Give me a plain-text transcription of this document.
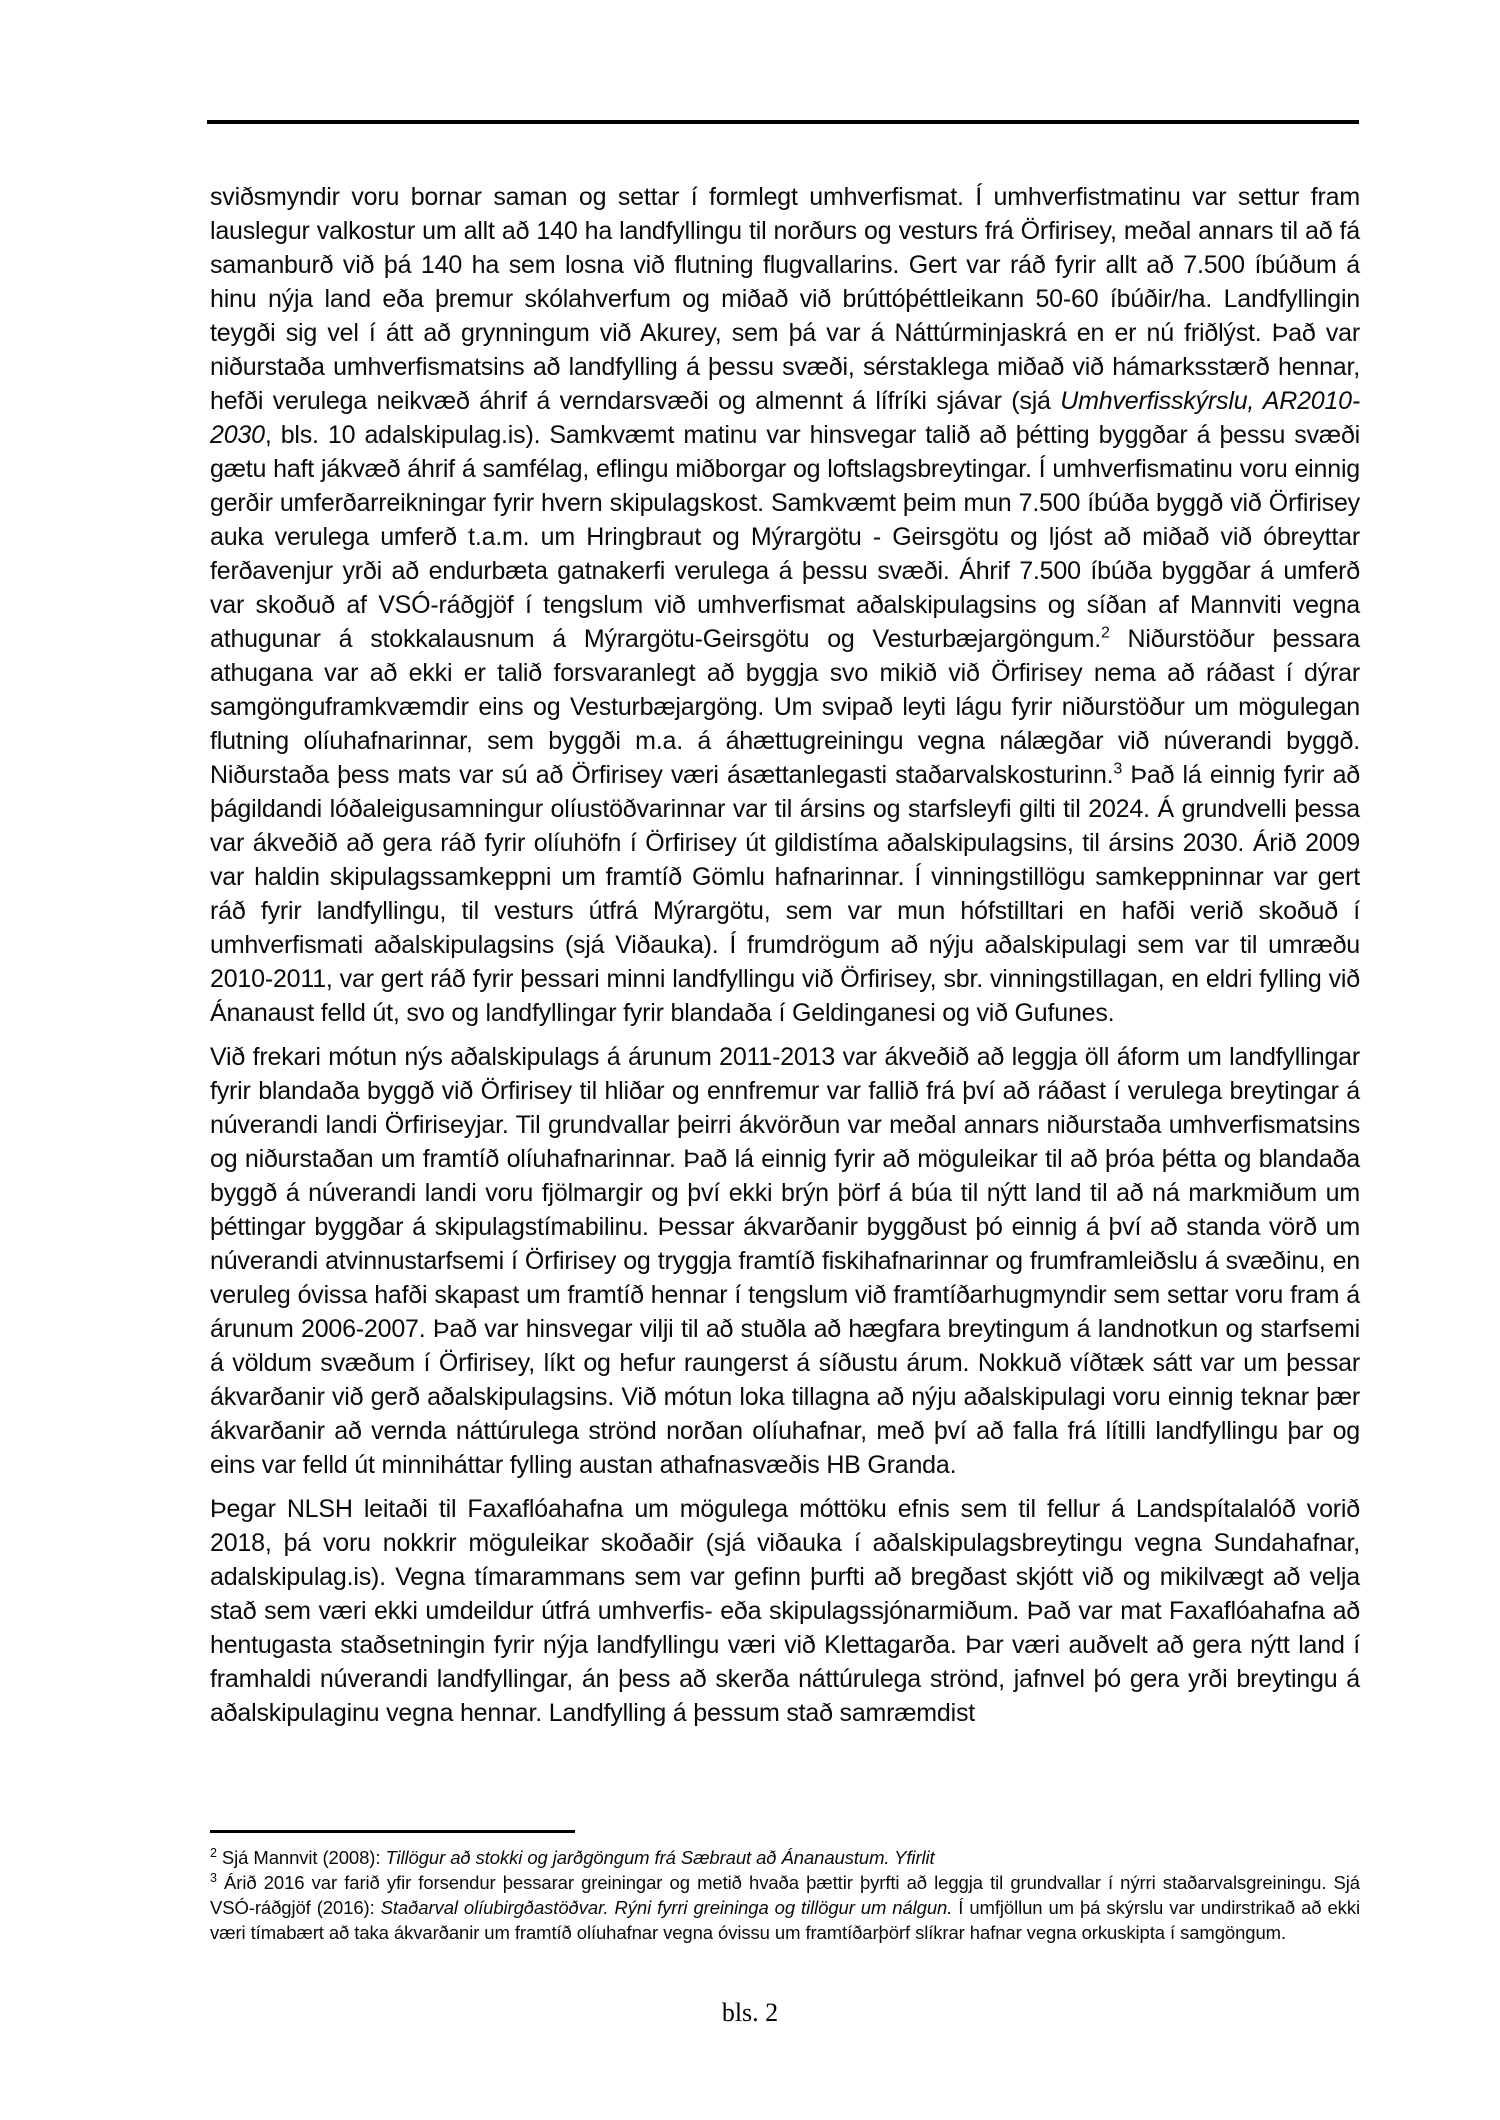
sviðsmyndir voru bornar saman og settar í formlegt umhverfismat. Í umhverfistmatinu var settur fram lauslegur valkostur um allt að 140 ha landfyllingu til norðurs og vesturs frá Örfirisey, meðal annars til að fá samanburð við þá 140 ha sem losna við flutning flugvallarins. Gert var ráð fyrir allt að 7.500 íbúðum á hinu nýja land eða þremur skólahverfum og miðað við brúttóþéttleikann 50-60 íbúðir/ha. Landfyllingin teygði sig vel í átt að grynningum við Akurey, sem þá var á Náttúrminjaskrá en er nú friðlýst. Það var niðurstaða umhverfismatsins að landfylling á þessu svæði, sérstaklega miðað við hámarksstærð hennar, hefði verulega neikvæð áhrif á verndarsvæði og almennt á lífríki sjávar (sjá Umhverfisskýrslu, AR2010-2030, bls. 10 adalskipulag.is). Samkvæmt matinu var hinsvegar talið að þétting byggðar á þessu svæði gætu haft jákvæð áhrif á samfélag, eflingu miðborgar og loftslagsbreytingar. Í umhverfismatinu voru einnig gerðir umferðarreikningar fyrir hvern skipulagskost. Samkvæmt þeim mun 7.500 íbúða byggð við Örfirisey auka verulega umferð t.a.m. um Hringbraut og Mýrargötu - Geirsgötu og ljóst að miðað við óbreyttar ferðavenjur yrði að endurbæta gatnakerfi verulega á þessu svæði. Áhrif 7.500 íbúða byggðar á umferð var skoðuð af VSÓ-ráðgjöf í tengslum við umhverfismat aðalskipulagsins og síðan af Mannviti vegna athugunar á stokkalausnum á Mýrargötu-Geirsgötu og Vesturbæjargöngum.$^2$ Niðurstöður þessara athugana var að ekki er talið forsvaranlegt að byggja svo mikið við Örfirisey nema að ráðast í dýrar samgönguframkvæmdir eins og Vesturbæjargöng. Um svipað leyti lágu fyrir niðurstöður um mögulegan flutning olíuhafnarinnar, sem byggði m.a. á áhættugreiningu vegna nálægðar við núverandi byggð. Niðurstaða þess mats var sú að Örfirisey væri ásættanlegasti staðarvalskosturinn.$^3$ Það lá einnig fyrir að þágildandi lóðaleigusamningur olíustöðvarinnar var til ársins og starfsleyfi gilti til 2024. Á grundvelli þessa var ákveðið að gera ráð fyrir olíuhöfn í Örfirisey út gildistíma aðalskipulagsins, til ársins 2030. Árið 2009 var haldin skipulagssamkeppni um framtíð Gömlu hafnarinnar. Í vinningstillögu samkeppninnar var gert ráð fyrir landfyllingu, til vesturs útfrá Mýrargötu, sem var mun hófstilltari en hafði verið skoðuð í umhverfismati aðalskipulagsins (sjá Viðauka). Í frumdrögum að nýju aðalskipulagi sem var til umræðu 2010-2011, var gert ráð fyrir þessari minni landfyllingu við Örfirisey, sbr. vinningstillagan, en eldri fylling við Ánanaust felld út, svo og landfyllingar fyrir blandaða í Geldinganesi og við Gufunes.

Við frekari mótun nýs aðalskipulags á árunum 2011-2013 var ákveðið að leggja öll áform um landfyllingar fyrir blandaða byggð við Örfirisey til hliðar og ennfremur var fallið frá því að ráðast í verulega breytingar á núverandi landi Örfiriseyjar. Til grundvallar þeirri ákvörðun var meðal annars niðurstaða umhverfismatsins og niðurstaðan um framtíð olíuhafnarinnar. Það lá einnig fyrir að möguleikar til að þróa þétta og blandaða byggð á núverandi landi voru fjölmargir og því ekki brýn þörf á búa til nýtt land til að ná markmiðum um þéttingar byggðar á skipulagstímabilinu. Þessar ákvarðanir byggðust þó einnig á því að standa vörð um núverandi atvinnustarfsemi í Örfirisey og tryggja framtíð fiskihafnarinnar og frumframleiðslu á svæðinu, en veruleg óvissa hafði skapast um framtíð hennar í tengslum við framtíðarhugmyndir sem settar voru fram á árunum 2006-2007. Það var hinsvegar vilji til að stuðla að hægfara breytingum á landnotkun og starfsemi á völdum svæðum í Örfirisey, líkt og hefur raungerst á síðustu árum. Nokkuð víðtæk sátt var um þessar ákvarðanir við gerð aðalskipulagsins. Við mótun loka tillagna að nýju aðalskipulagi voru einnig teknar þær ákvarðanir að vernda náttúrulega strönd norðan olíuhafnar, með því að falla frá lítilli landfyllingu þar og eins var felld út minniháttar fylling austan athafnasvæðis HB Granda.

Þegar NLSH leitaði til Faxaflóahafna um mögulega móttöku efnis sem til fellur á Landspítalalóð vorið 2018, þá voru nokkrir möguleikar skoðaðir (sjá viðauka í aðalskipulagsbreytingu vegna Sundahafnar, adalskipulag.is). Vegna tímarammans sem var gefinn þurfti að bregðast skjótt við og mikilvægt að velja stað sem væri ekki umdeildur útfrá umhverfis- eða skipulagssjónarmiðum. Það var mat Faxaflóahafna að hentugasta staðsetningin fyrir nýja landfyllingu væri við Klettagarða. Þar væri auðvelt að gera nýtt land í framhaldi núverandi landfyllingar, án þess að skerða náttúrulega strönd, jafnvel þó gera yrði breytingu á aðalskipulaginu vegna hennar. Landfylling á þessum stað samræmdist

$^2$ Sjá Mannvit (2008): Tillögur að stokki og jarðgöngum frá Sæbraut að Ánanaustum. Yfirlit

$^3$ Árið 2016 var farið yfir forsendur þessarar greiningar og metið hvaða þættir þyrfti að leggja til grundvallar í nýrri staðarvalsgreiningu. Sjá VSÓ-ráðgjöf (2016): Staðarval olíubirgðastöðvar. Rýni fyrri greininga og tillögur um nálgun. Í umfjöllun um þá skýrslu var undirstrikað að ekki væri tímabært að taka ákvarðanir um framtíð olíuhafnar vegna óvissu um framtíðarþörf slíkrar hafnar vegna orkuskipta í samgöngum.

bls. 2
